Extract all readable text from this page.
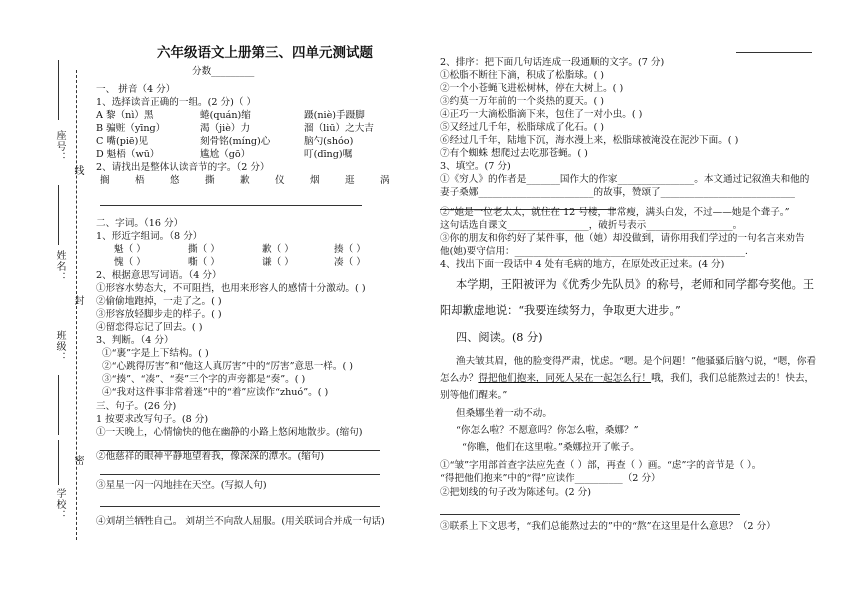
座号：
线
姓名：
封
班级：
密
学校：
六年级语文上册第三、四单元测试题
分数_________
一、 拼音（4 分）
1、选择读音正确的一组。(2 分)（ ）
A 黎（nì）黑	蜷(quán)缩	蹑(niè)手蹑脚
B 骗赃（yīng）	渴（jiè）力	溜（liū）之大吉
C 嘴(piē)见	刻骨铭(míng)心	脑勺(shóo)
D 魁梧（wū）	尴尬（gō）	叮(dīng)嘱
2、请找出是整体认读音节的字。（2 分）
搁	梧	悠	撕	歉	仪	烟	逛	涡
二、字词。（16 分）
1、形近字组词。（8 分）
魁（ ）	撕（ ）	歉（ ）	揍（ ）
愧（ ）	嘶（ ）	谦（ ）	凑（ ）
2、根据意思写词语。（4 分）
①形容水势态大，不可阻挡，也用来形容人的感情十分激动。( )
②偷偷地跑掉，一走了之。( )
③形容放轻脚步走的样子。( )
④留恋得忘记了回去。( )
3、判断。（4 分）
①“裹”字是上下结构。( )
②“心跳得厉害”和“他这人真厉害”中的“厉害”意思一样。( )
③“揍”、“凑”、“奏”三个字的声旁都是“奏”。( )
④“我对这件事非常着迷”中的“着”应读作“zhuó”。( )
三、句子。(26 分)
1 按要求改写句子。(8 分)
①一天晚上，心情愉快的他在幽静的小路上悠闲地散步。(缩句)
②他慈祥的眼神平静地望着我，像深深的潭水。(缩句)
③星星一闪一闪地挂在天空。(写拟人句)
④刘胡兰牺牲自己。 刘胡兰不向敌人屈服。(用关联词合并成一句话)
2、排序：把下面几句话连成一段通顺的文字。(7 分)
①松脂不断往下滴，积成了松脂球。( )
②一个小苍蝇飞进松树林，停在大树上。( )
③约莫一万年前的一个炎热的夏天。( )
④正巧一大滴松脂滴下来，包住了一对小虫。( )
⑤又经过几千年，松脂球成了化石。( )
⑥经过几千年，陆地下沉，海水漫上来，松脂球被淹没在泥沙下面。( )
⑦有个蜘蛛 想爬过去吃那苍蝇。( )
3、填空。(7 分)
①《穷人》的作者是_______国作大的作家________________。本文通过记叙渔夫和他的
妻子桑娜________________________的故事，赞颂了____________________________
②“她是一位老太太，就住在 12 号楼，非常瘦，满头白发，不过——她是个聋子。”
这句话选自课文_________________，破折号表示__________________。
③你的朋友和你约好了某件事，他（她）却没做到，请你用我们学过的一句名言来劝告
他(她)要守信用：________________________________________________.
4、找出下面一段话中 4 处有毛病的地方，在原处改正过来。(4 分)
本学期，王阳被评为《优秀少先队员》的称号，老师和同学都夸奖他。王
阳却歉虚地说：“我要连续努力，争取更大进步。”
四、阅读。(8 分)
渔夫皱其眉，他的脸变得严肃，忧虑。“嗯。是个问题！”他骚骚后脑勺说，“嗯，你看
怎么办？得把他们抱来，同死人呆在一起怎么行！哦，我们，我们总能熬过去的！快去，
别等他们醒来。”
但桑娜坐着一动不动。
“你怎么啦？不愿意吗？你怎么啦，桑娜？”
“你瞧，他们在这里啦。”桑娜拉开了帐子。
①“皱”字用部首查字法应先查（ ）部，再查（ ）画。“虑”字的音节是（ ）。
“得把他们抱来”中的“得”应读作__________（2 分）
②把划线的句子改为陈述句。(2 分)
③联系上下文思考，“我们总能熬过去的”中的“熬”在这里是什么意思？（2 分）
